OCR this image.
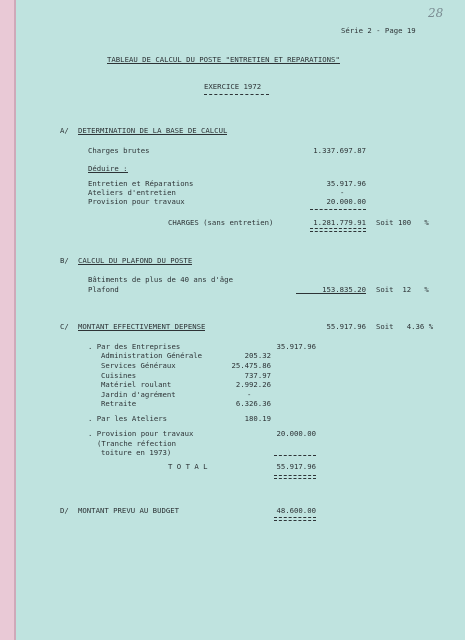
Série 2 - Page 19
28
TABLEAU DE CALCUL DU POSTE "ENTRETIEN ET REPARATIONS"
EXERCICE 1972
A/ DETERMINATION DE LA BASE DE CALCUL
Charges brutes	1.337.697.87
Déduire :
Entretien et Réparations	35.917.96
Ateliers d'entretien	-
Provision pour travaux	20.000.00
CHARGES (sans entretien)	1.281.779.91 Soit 100   %
B/ CALCUL DU PLAFOND DU POSTE
Bâtiments de plus de 40 ans d'âge
Plafond	153.835.20 Soit  12   %
C/ MONTANT EFFECTIVEMENT DEPENSE	55.917.96 Soit   4.36 %
. Par des Entreprises	35.917.96
Administration Générale	205.32
Services Généraux	25.475.86
Cuisines	737.97
Matériel roulant	2.992.26
Jardin d'agrément	-
Retraite	6.326.36
. Par les Ateliers	180.19
. Provision pour travaux	20.000.00
(Tranche réfection
toiture en 1973)
T O T A L	55.917.96
D/ MONTANT PREVU AU BUDGET	48.600.00
